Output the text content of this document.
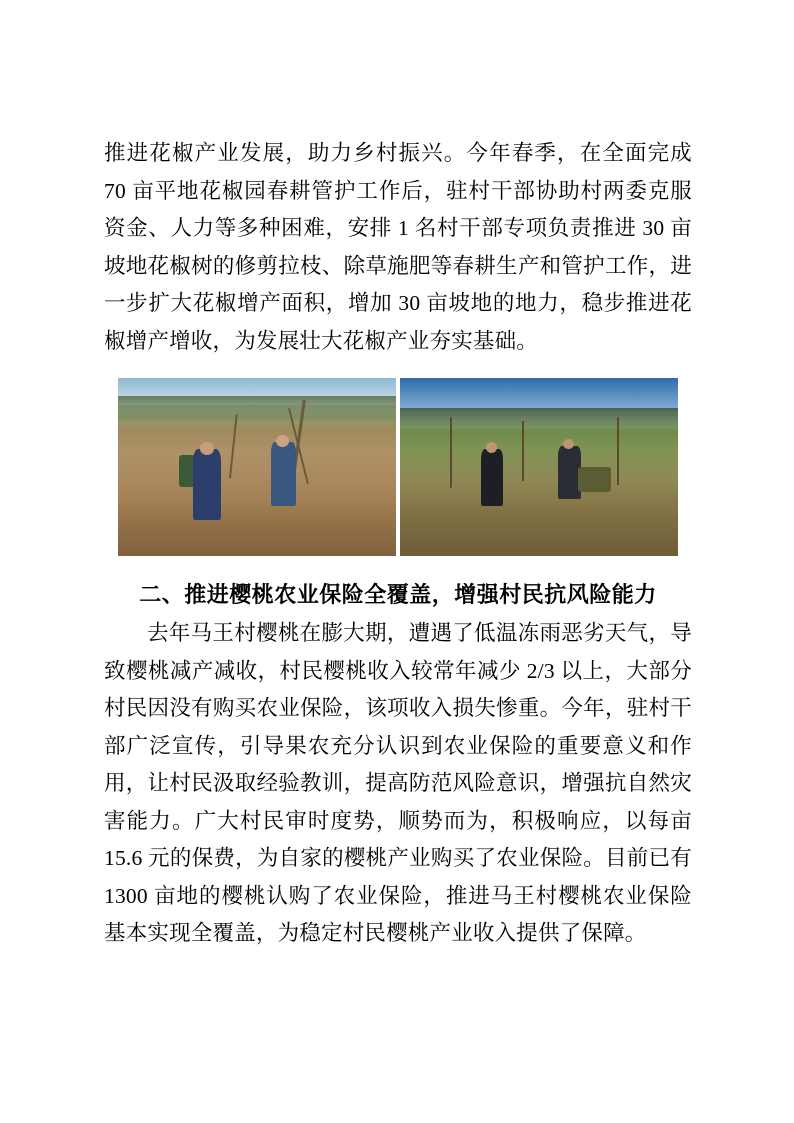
推进花椒产业发展，助力乡村振兴。今年春季，在全面完成 70 亩平地花椒园春耕管护工作后，驻村干部协助村两委克服资金、人力等多种困难，安排 1 名村干部专项负责推进 30 亩坡地花椒树的修剪拉枝、除草施肥等春耕生产和管护工作，进一步扩大花椒增产面积，增加 30 亩坡地的地力，稳步推进花椒增产增收，为发展壮大花椒产业夯实基础。

二、推进樱桃农业保险全覆盖，增强村民抗风险能力

去年马王村樱桃在膨大期，遭遇了低温冻雨恶劣天气，导致樱桃减产减收，村民樱桃收入较常年减少 2/3 以上，大部分村民因没有购买农业保险，该项收入损失惨重。今年，驻村干部广泛宣传，引导果农充分认识到农业保险的重要意义和作用，让村民汲取经验教训，提高防范风险意识，增强抗自然灾害能力。广大村民审时度势，顺势而为，积极响应，以每亩 15.6 元的保费，为自家的樱桃产业购买了农业保险。目前已有 1300 亩地的樱桃认购了农业保险，推进马王村樱桃农业保险基本实现全覆盖，为稳定村民樱桃产业收入提供了保障。
